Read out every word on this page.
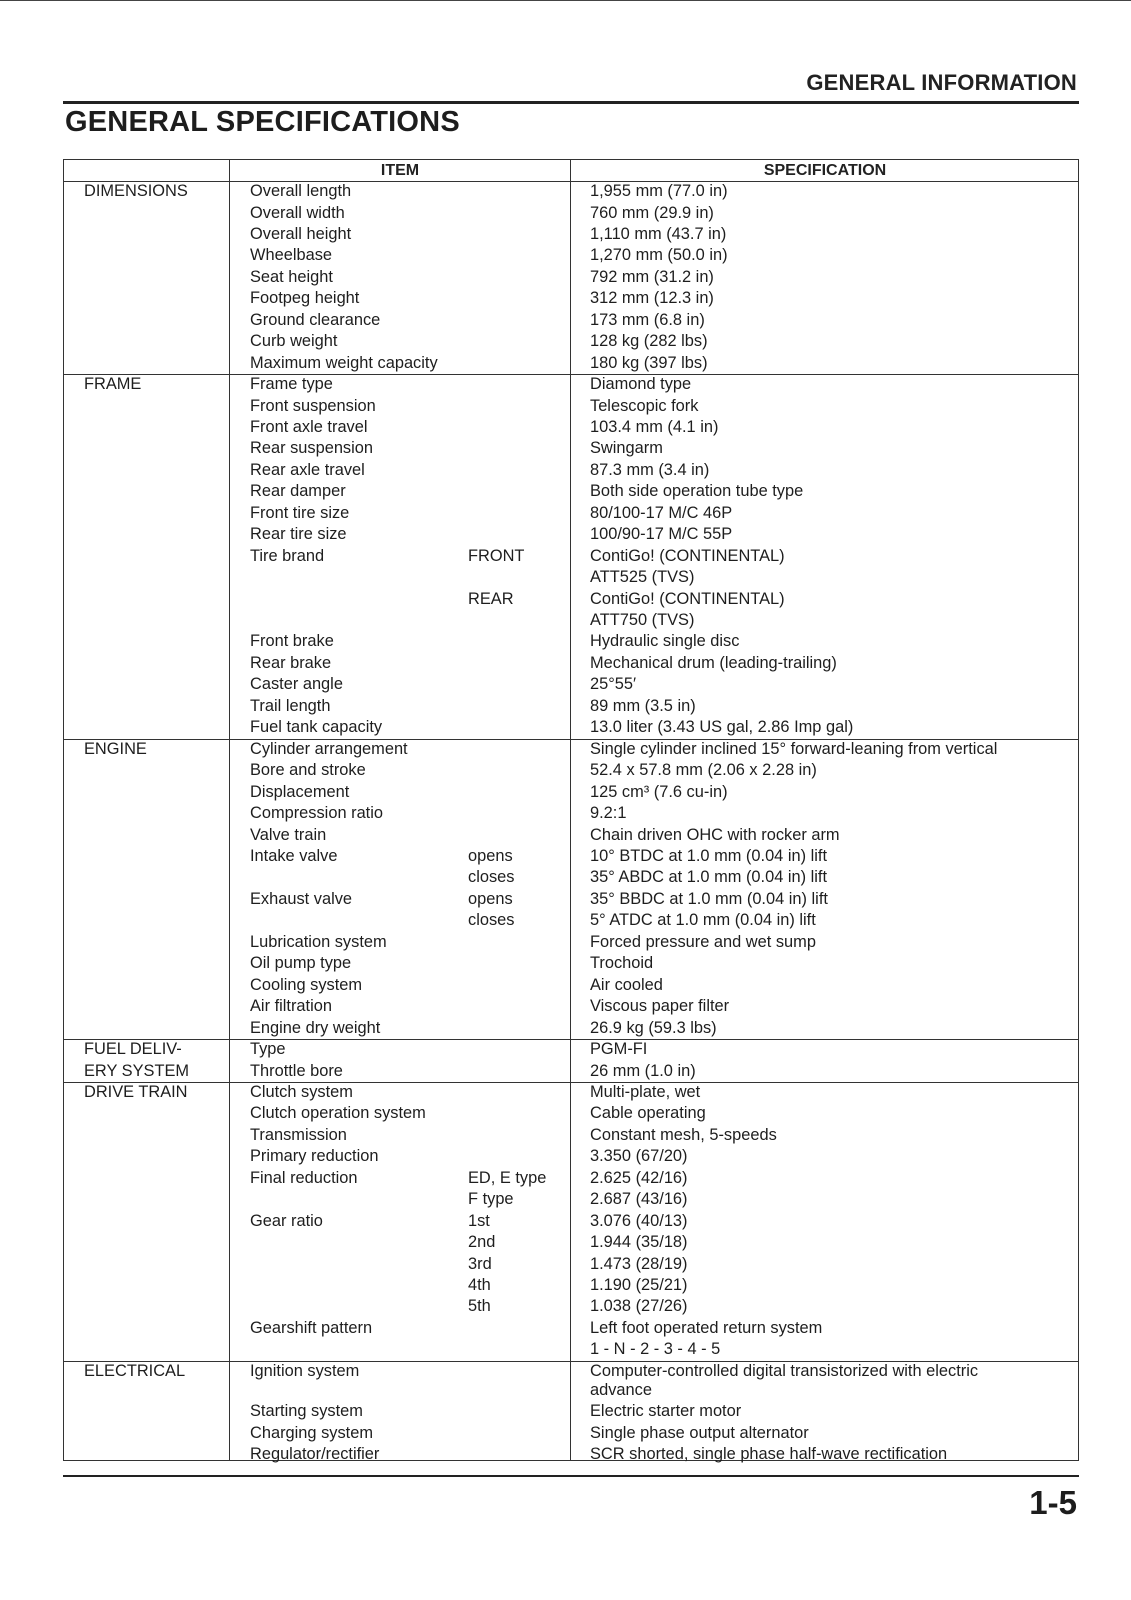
GENERAL INFORMATION
GENERAL SPECIFICATIONS
ITEM	SPECIFICATION
DIMENSIONS	Overall length	1,955 mm (77.0 in)
Overall width	760 mm (29.9 in)
Overall height	1,110 mm (43.7 in)
Wheelbase	1,270 mm (50.0 in)
Seat height	792 mm (31.2 in)
Footpeg height	312 mm (12.3 in)
Ground clearance	173 mm (6.8 in)
Curb weight	128 kg (282 lbs)
Maximum weight capacity	180 kg (397 lbs)
FRAME	Frame type	Diamond type
Front suspension	Telescopic fork
Front axle travel	103.4 mm (4.1 in)
Rear suspension	Swingarm
Rear axle travel	87.3 mm (3.4 in)
Rear damper	Both side operation tube type
Front tire size	80/100-17 M/C 46P
Rear tire size	100/90-17 M/C 55P
Tire brand	FRONT	ContiGo! (CONTINENTAL)
ATT525 (TVS)
REAR	ContiGo! (CONTINENTAL)
ATT750 (TVS)
Front brake	Hydraulic single disc
Rear brake	Mechanical drum (leading-trailing)
Caster angle	25°55′
Trail length	89 mm (3.5 in)
Fuel tank capacity	13.0 liter (3.43 US gal, 2.86 Imp gal)
ENGINE	Cylinder arrangement	Single cylinder inclined 15° forward-leaning from vertical
Bore and stroke	52.4 x 57.8 mm (2.06 x 2.28 in)
Displacement	125 cm³ (7.6 cu-in)
Compression ratio	9.2:1
Valve train	Chain driven OHC with rocker arm
Intake valve	opens	10° BTDC at 1.0 mm (0.04 in) lift
closes	35° ABDC at 1.0 mm (0.04 in) lift
Exhaust valve	opens	35° BBDC at 1.0 mm (0.04 in) lift
closes	5° ATDC at 1.0 mm (0.04 in) lift
Lubrication system	Forced pressure and wet sump
Oil pump type	Trochoid
Cooling system	Air cooled
Air filtration	Viscous paper filter
Engine dry weight	26.9 kg (59.3 lbs)
FUEL DELIV-
ERY SYSTEM
Type	PGM-FI
Throttle bore	26 mm (1.0 in)
DRIVE TRAIN	Clutch system	Multi-plate, wet
Clutch operation system	Cable operating
Transmission	Constant mesh, 5-speeds
Primary reduction	3.350 (67/20)
Final reduction	ED, E type	2.625 (42/16)
F type	2.687 (43/16)
Gear ratio	1st	3.076 (40/13)
2nd	1.944 (35/18)
3rd	1.473 (28/19)
4th	1.190 (25/21)
5th	1.038 (27/26)
Gearshift pattern	Left foot operated return system
1 - N - 2 - 3 - 4 - 5
ELECTRICAL	Ignition system	Computer-controlled digital transistorized with electric
advance
Starting system	Electric starter motor
Charging system	Single phase output alternator
Regulator/rectifier	SCR shorted, single phase half-wave rectification
1-5
